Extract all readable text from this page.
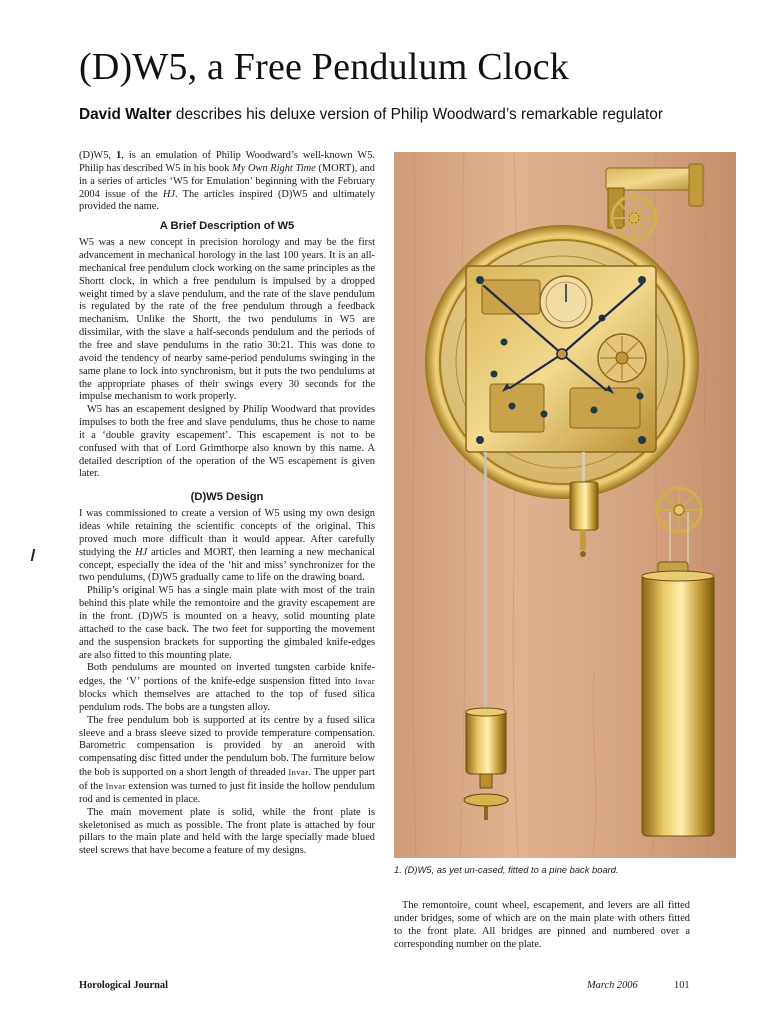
(D)W5, a Free Pendulum Clock
David Walter describes his deluxe version of Philip Woodward’s remarkable regulator

(D)W5, 1, is an emulation of Philip Woodward’s well-known W5. Philip has described W5 in his book My Own Right Time (MORT), and in a series of articles ‘W5 for Emulation’ beginning with the February 2004 issue of the HJ. The articles inspired (D)W5 and ultimately provided the name.

A Brief Description of W5

W5 was a new concept in precision horology and may be the first advancement in mechanical horology in the last 100 years. It is an all-mechanical free pendulum clock working on the same principles as the Shortt clock, in which a free pendulum is impulsed by a dropped weight timed by a slave pendulum, and the rate of the slave pendulum is regulated by the rate of the free pendulum through a feedback mechanism. Unlike the Shortt, the two pendulums in W5 are dissimilar, with the slave a half-seconds pendulum and the periods of the free and slave pendulums in the ratio 30:21. This was done to avoid the tendency of nearby same-period pendulums swinging in the same plane to lock into synchronism, but it puts the two pendulums at the appropriate phases of their swings every 30 seconds for the impulse mechanism to work properly.

W5 has an escapement designed by Philip Woodward that provides impulses to both the free and slave pendulums, thus he chose to name it a ‘double gravity escapement’. This escapement is not to be confused with that of Lord Grimthorpe also known by this name. A detailed description of the operation of the W5 escapement is given later.

(D)W5 Design

I was commissioned to create a version of W5 using my own design ideas while retaining the scientific concepts of the original. This proved much more difficult than it would appear. After carefully studying the HJ articles and MORT, then learning a new mechanical concept, especially the idea of the ‘hit and miss’ synchronizer for the two pendulums, (D)W5 gradually came to life on the drawing board.

Philip’s original W5 has a single main plate with most of the train behind this plate while the remontoire and the gravity escapement are in the front. (D)W5 is mounted on a heavy, solid mounting plate attached to the case back. The two feet for supporting the movement and the suspension brackets for supporting the gimbaled knife-edges are also fitted to this mounting plate.

Both pendulums are mounted on inverted tungsten carbide knife-edges, the ‘V’ portions of the knife-edge suspension fitted into Invar blocks which themselves are attached to the top of fused silica pendulum rods. The bobs are a tungsten alloy.

The free pendulum bob is supported at its centre by a fused silica sleeve and a brass sleeve sized to provide temperature compensation. Barometric compensation is provided by an aneroid with compensating disc fitted under the pendulum bob. The furniture below the bob is supported on a short length of threaded Invar. The upper part of the Invar extension was turned to just fit inside the hollow pendulum rod and is cemented in place.

The main movement plate is solid, while the front plate is skeletonised as much as possible. The front plate is attached by four pillars to the main plate and held with the large specially made blued steel screws that have become a feature of my designs.

1. (D)W5, as yet un-cased, fitted to a pine back board.

The remontoire, count wheel, escapement, and levers are all fitted under bridges, some of which are on the main plate with others fitted to the front plate. All bridges are pinned and numbered over a corresponding number on the plate.

Horological Journal	March 2006	101
